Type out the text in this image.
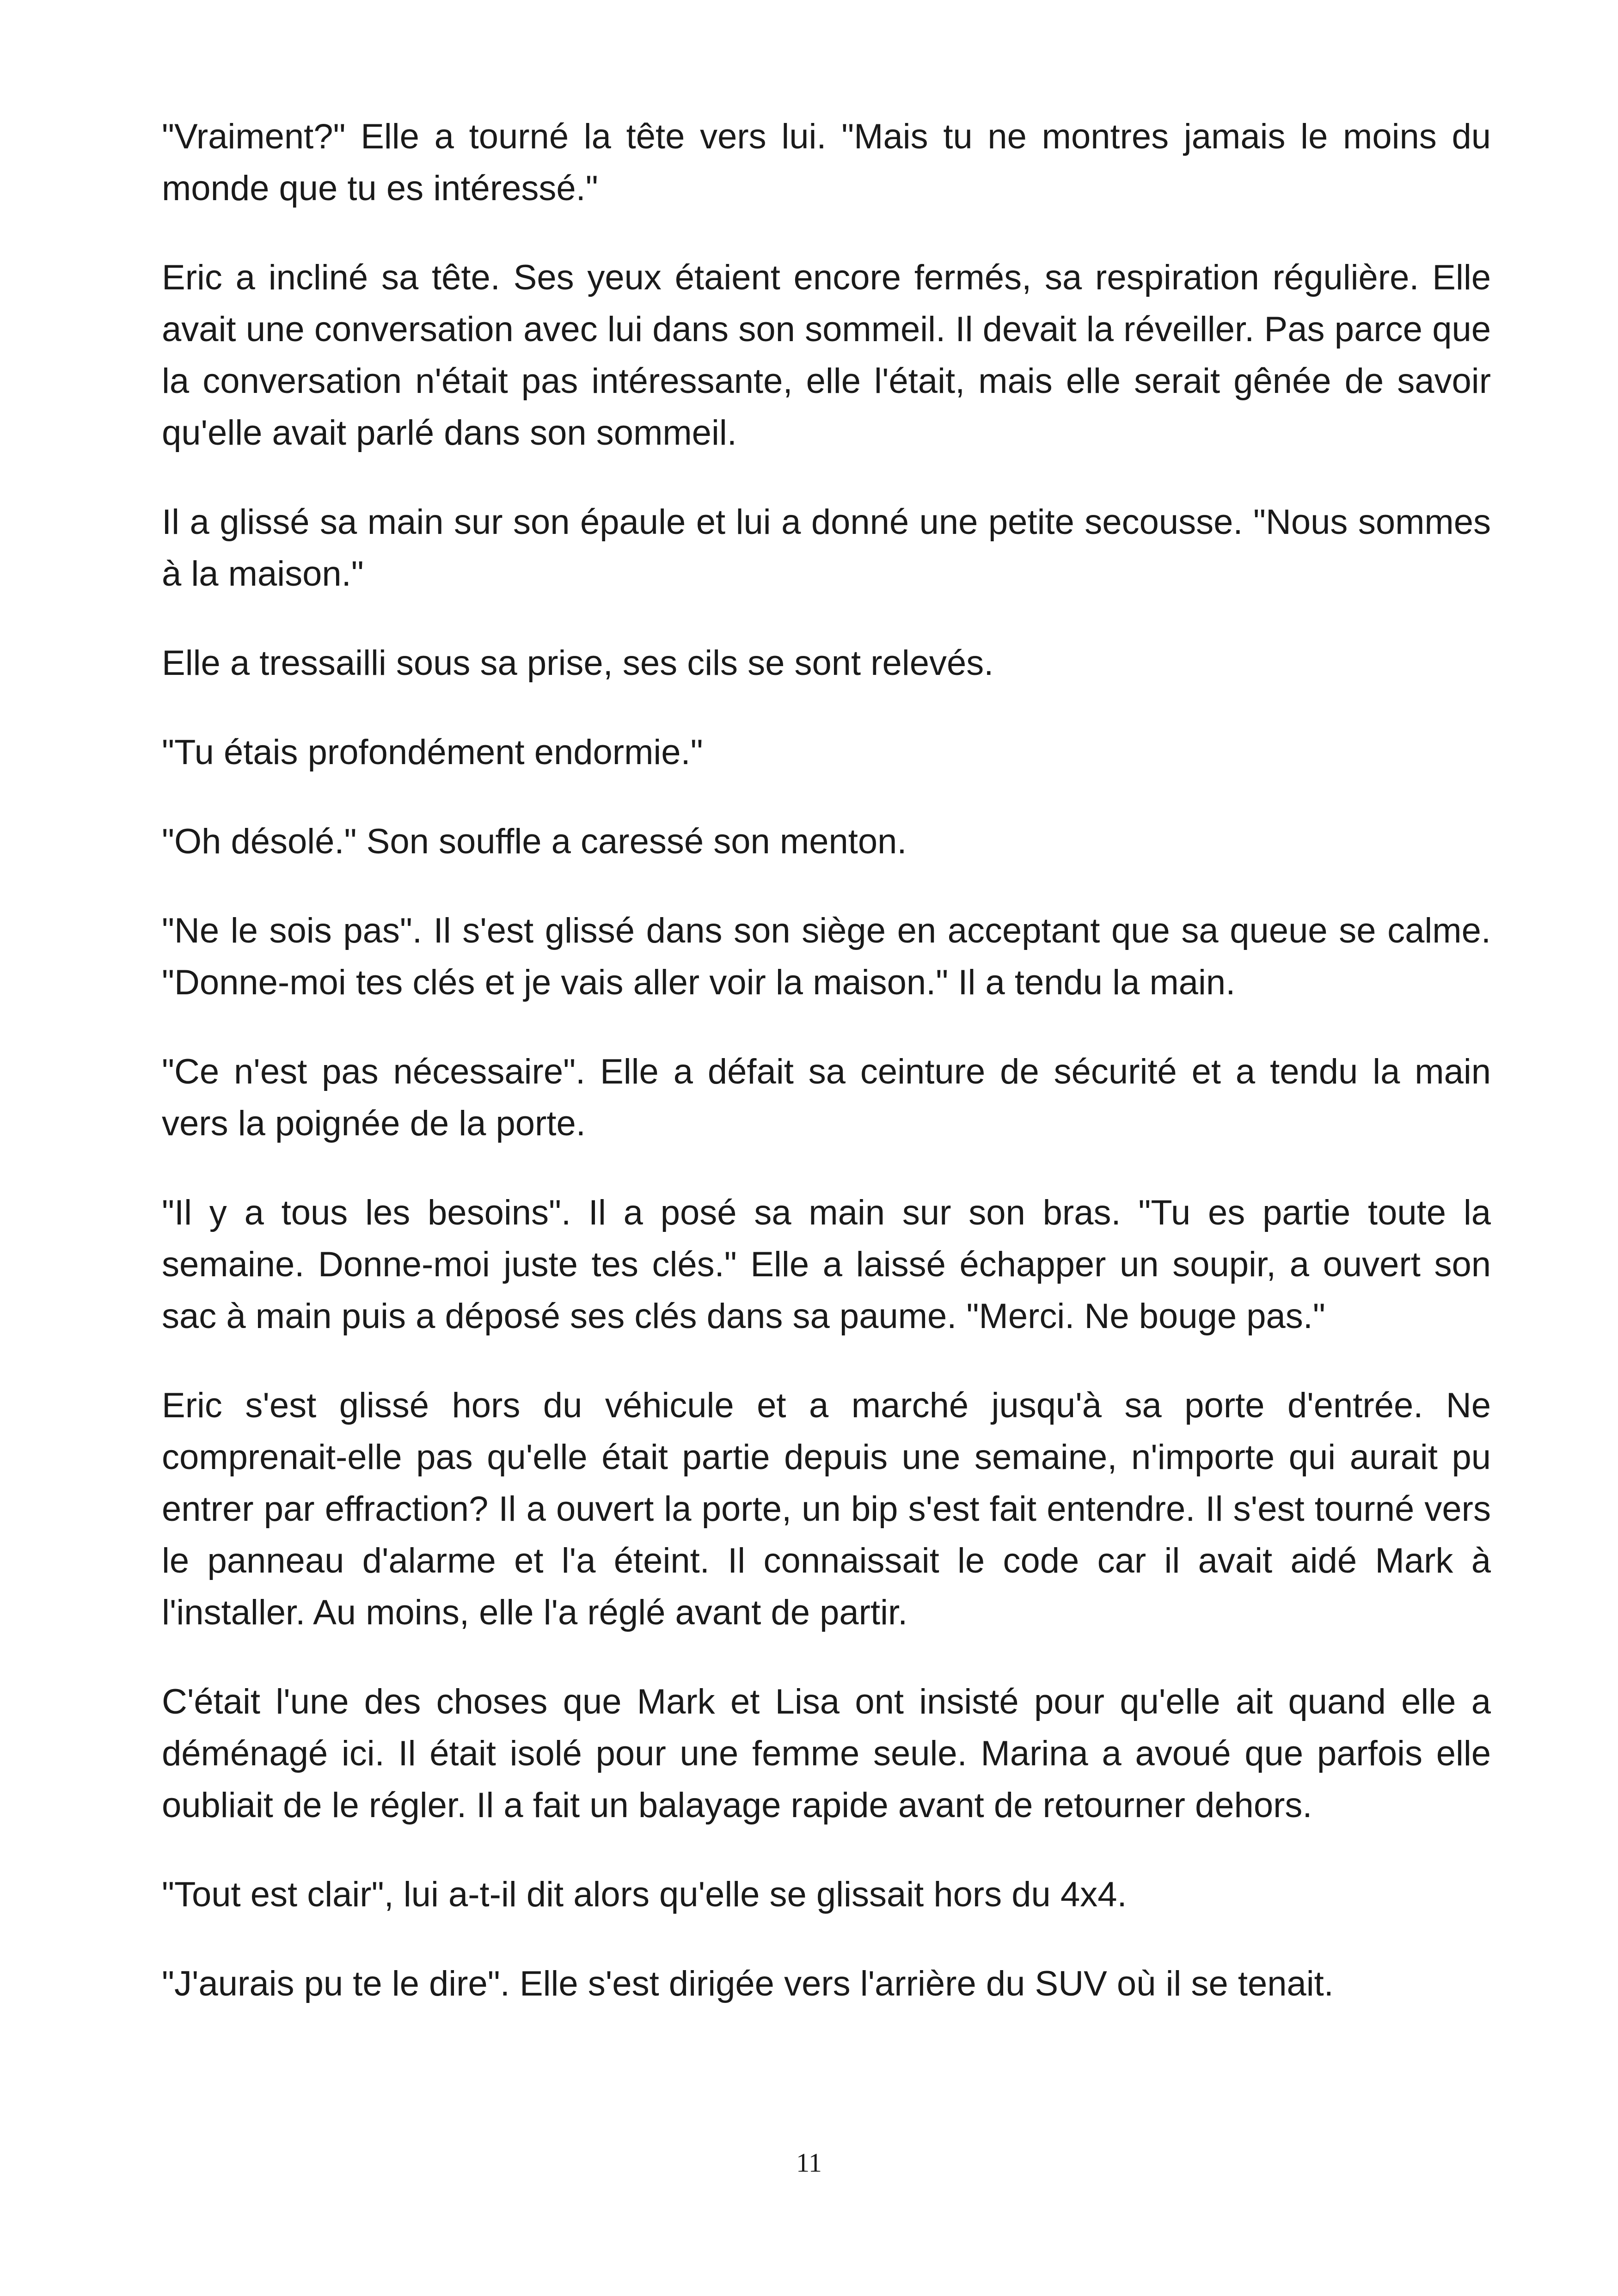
"Vraiment?" Elle a tourné la tête vers lui. "Mais tu ne montres jamais le moins du monde que tu es intéressé."

Eric a incliné sa tête. Ses yeux étaient encore fermés, sa respiration régulière. Elle avait une conversation avec lui dans son sommeil. Il devait la réveiller. Pas parce que la conversation n'était pas intéressante, elle l'était, mais elle serait gênée de savoir qu'elle avait parlé dans son sommeil.

Il a glissé sa main sur son épaule et lui a donné une petite secousse. "Nous sommes à la maison."

Elle a tressailli sous sa prise, ses cils se sont relevés.

"Tu étais profondément endormie."

"Oh désolé." Son souffle a caressé son menton.

"Ne le sois pas". Il s'est glissé dans son siège en acceptant que sa queue se calme. "Donne-moi tes clés et je vais aller voir la maison." Il a tendu la main.

"Ce n'est pas nécessaire". Elle a défait sa ceinture de sécurité et a tendu la main vers la poignée de la porte.

"Il y a tous les besoins". Il a posé sa main sur son bras. "Tu es partie toute la semaine. Donne-moi juste tes clés." Elle a laissé échapper un soupir, a ouvert son sac à main puis a déposé ses clés dans sa paume. "Merci. Ne bouge pas."

Eric s'est glissé hors du véhicule et a marché jusqu'à sa porte d'entrée. Ne comprenait-elle pas qu'elle était partie depuis une semaine, n'importe qui aurait pu entrer par effraction? Il a ouvert la porte, un bip s'est fait entendre. Il s'est tourné vers le panneau d'alarme et l'a éteint. Il connaissait le code car il avait aidé Mark à l'installer. Au moins, elle l'a réglé avant de partir.

C'était l'une des choses que Mark et Lisa ont insisté pour qu'elle ait quand elle a déménagé ici. Il était isolé pour une femme seule. Marina a avoué que parfois elle oubliait de le régler. Il a fait un balayage rapide avant de retourner dehors.

"Tout est clair", lui a-t-il dit alors qu'elle se glissait hors du 4x4.

"J'aurais pu te le dire". Elle s'est dirigée vers l'arrière du SUV où il se tenait.

11
